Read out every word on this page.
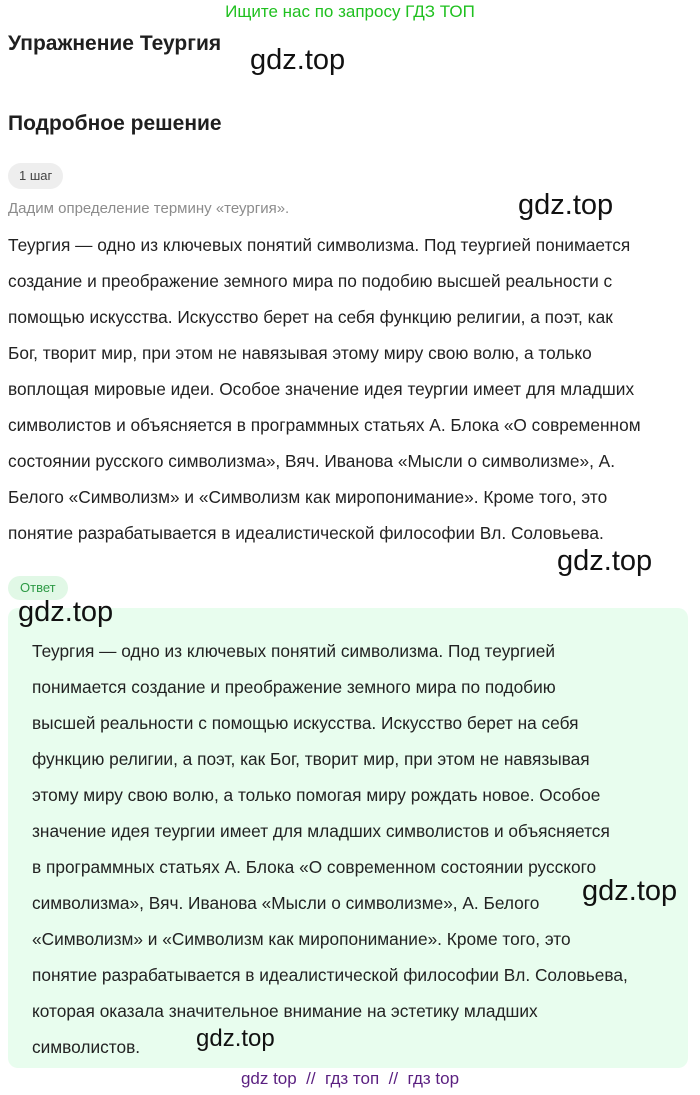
Ищите нас по запросу ГДЗ ТОП
Упражнение Теургия
Подробное решение
1 шаг
Дадим определение термину «теургия».

Теургия — одно из ключевых понятий символизма. Под теургией понимается

создание и преображение земного мира по подобию высшей реальности с

помощью искусства. Искусство берет на себя функцию религии, а поэт, как

Бог, творит мир, при этом не навязывая этому миру свою волю, а только

воплощая мировые идеи. Особое значение идея теургии имеет для младших

символистов и объясняется в программных статьях А. Блока «О современном

состоянии русского символизма», Вяч. Иванова «Мысли о символизме», А.

Белого «Символизм» и «Символизм как миропонимание». Кроме того, это

понятие разрабатывается в идеалистической философии Вл. Соловьева.

Ответ

Теургия — одно из ключевых понятий символизма. Под теургией

понимается создание и преображение земного мира по подобию

высшей реальности с помощью искусства. Искусство берет на себя

функцию религии, а поэт, как Бог, творит мир, при этом не навязывая

этому миру свою волю, а только помогая миру рождать новое. Особое

значение идея теургии имеет для младших символистов и объясняется

в программных статьях А. Блока «О современном состоянии русского

символизма», Вяч. Иванова «Мысли о символизме», А. Белого

«Символизм» и «Символизм как миропонимание». Кроме того, это

понятие разрабатывается в идеалистической философии Вл. Соловьева,

которая оказала значительное внимание на эстетику младших

символистов.

gdz.top
gdz.top
gdz.top
gdz.top
gdz.top
gdz.top
gdz top  //  гдз топ  //  гдз top
